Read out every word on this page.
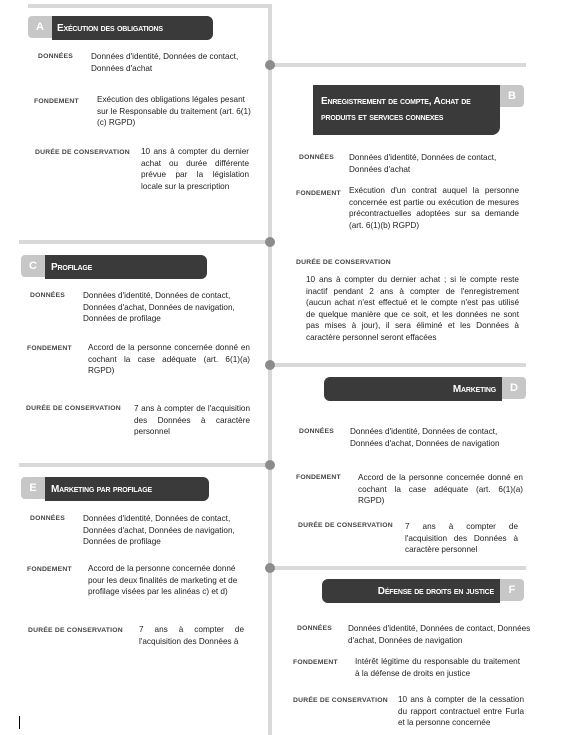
A	Exécution des obligations
DONNÉES Données d'identité, Données de contact, Données d'achat
FONDEMENT Exécution des obligations légales pesant sur le Responsable du traitement (art. 6(1)(c) RGPD)
DURÉE DE CONSERVATION 10 ans à compter du dernier achat ou durée différente prévue par la législation locale sur la prescription
Enregistrement de compte, Achat de produits et services connexes
B
DONNÉES Données d'identité, Données de contact, Données d'achat
FONDEMENT Exécution d'un contrat auquel la personne concernée est partie ou exécution de mesures précontractuelles adoptées sur sa demande (art. 6(1)(b) RGPD)
DURÉE DE CONSERVATION
10 ans à compter du dernier achat ; si le compte reste inactif pendant 2 ans à compter de l'enregistrement (aucun achat n'est effectué et le compte n'est pas utilisé de quelque manière que ce soit, et les données ne sont pas mises à jour), il sera éliminé et les Données à caractère personnel seront effacées
C	Profilage
DONNÉES Données d'identité, Données de contact, Données d'achat, Données de navigation, Données de profilage
FONDEMENT Accord de la personne concernée donné en cochant la case adéquate (art. 6(1)(a) RGPD)
DURÉE DE CONSERVATION 7 ans à compter de l'acquisition des Données à caractère personnel
Marketing	D
DONNÉES Données d'identité, Données de contact, Données d'achat, Données de navigation
FONDEMENT Accord de la personne concernée donné en cochant la case adéquate (art. 6(1)(a) RGPD)
DURÉE DE CONSERVATION 7 ans à compter de l'acquisition des Données à caractère personnel
E	Marketing par profilage
DONNÉES Données d'identité, Données de contact, Données d'achat, Données de navigation, Données de profilage
FONDEMENT Accord de la personne concernée donné pour les deux finalités de marketing et de profilage visées par les alinéas c) et d)
DURÉE DE CONSERVATION 7 ans à compter de l'acquisition des Données à
Défense de droits en justice	F
DONNÉES Données d'identité, Données de contact, Données d'achat, Données de navigation
FONDEMENT Intérêt légitime du responsable du traitement à la défense de droits en justice
DURÉE DE CONSERVATION 10 ans à compter de la cessation du rapport contractuel entre Furla et la personne concernée
